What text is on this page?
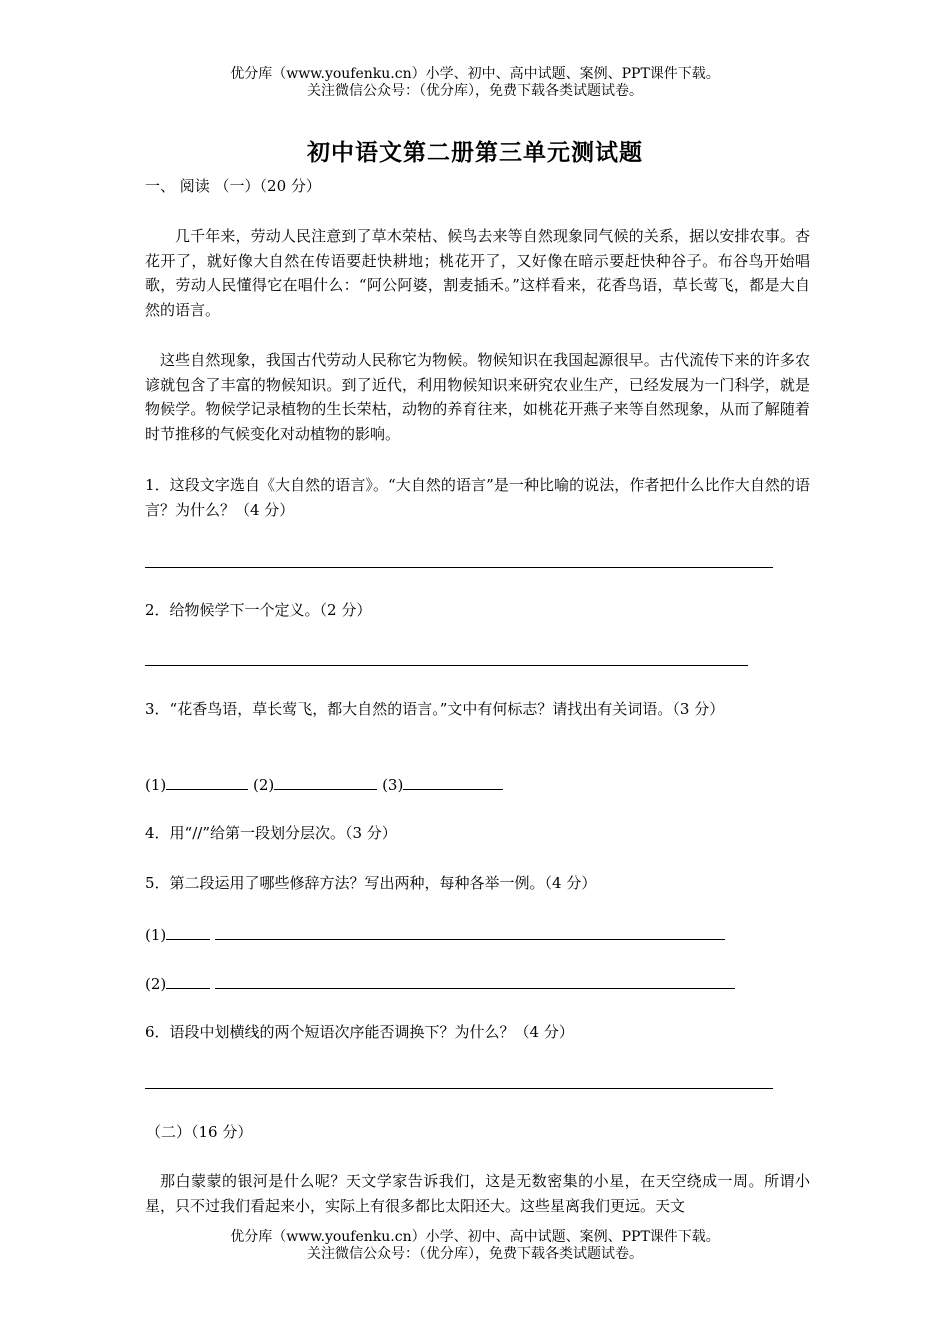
优分库（www.youfenku.cn）小学、初中、高中试题、案例、PPT课件下载。
关注微信公众号：（优分库），免费下载各类试题试卷。
初中语文第二册第三单元测试题
一、 阅读 （一）（20 分）
几千年来，劳动人民注意到了草木荣枯、候鸟去来等自然现象同气候的关系，据以安排农事。杏花开了，就好像大自然在传语要赶快耕地；桃花开了，又好像在暗示要赶快种谷子。布谷鸟开始唱歌，劳动人民懂得它在唱什么：“阿公阿婆，割麦插禾。”这样看来，花香鸟语，草长莺飞，都是大自然的语言。
这些自然现象，我国古代劳动人民称它为物候。物候知识在我国起源很早。古代流传下来的许多农谚就包含了丰富的物候知识。到了近代，利用物候知识来研究农业生产，已经发展为一门科学，就是物候学。物候学记录植物的生长荣枯，动物的养育往来，如桃花开燕子来等自然现象，从而了解随着时节推移的气候变化对动植物的影响。
1．这段文字选自《大自然的语言》。“大自然的语言”是一种比喻的说法，作者把什么比作大自然的语言？为什么？（4 分）
2．给物候学下一个定义。（2 分）
3．“花香鸟语，草长莺飞，都大自然的语言。”文中有何标志？请找出有关词语。（3 分）
(1)	(2)	(3)
4．用“//”给第一段划分层次。（3 分）
5．第二段运用了哪些修辞方法？写出两种，每种各举一例。（4 分）
(1)
(2)
6．语段中划横线的两个短语次序能否调换下？为什么？（4 分）
（二）（16 分）
那白蒙蒙的银河是什么呢？天文学家告诉我们，这是无数密集的小星，在天空绕成一周。所谓小星，只不过我们看起来小，实际上有很多都比太阳还大。这些星离我们更远。天文
优分库（www.youfenku.cn）小学、初中、高中试题、案例、PPT课件下载。
关注微信公众号：（优分库），免费下载各类试题试卷。
